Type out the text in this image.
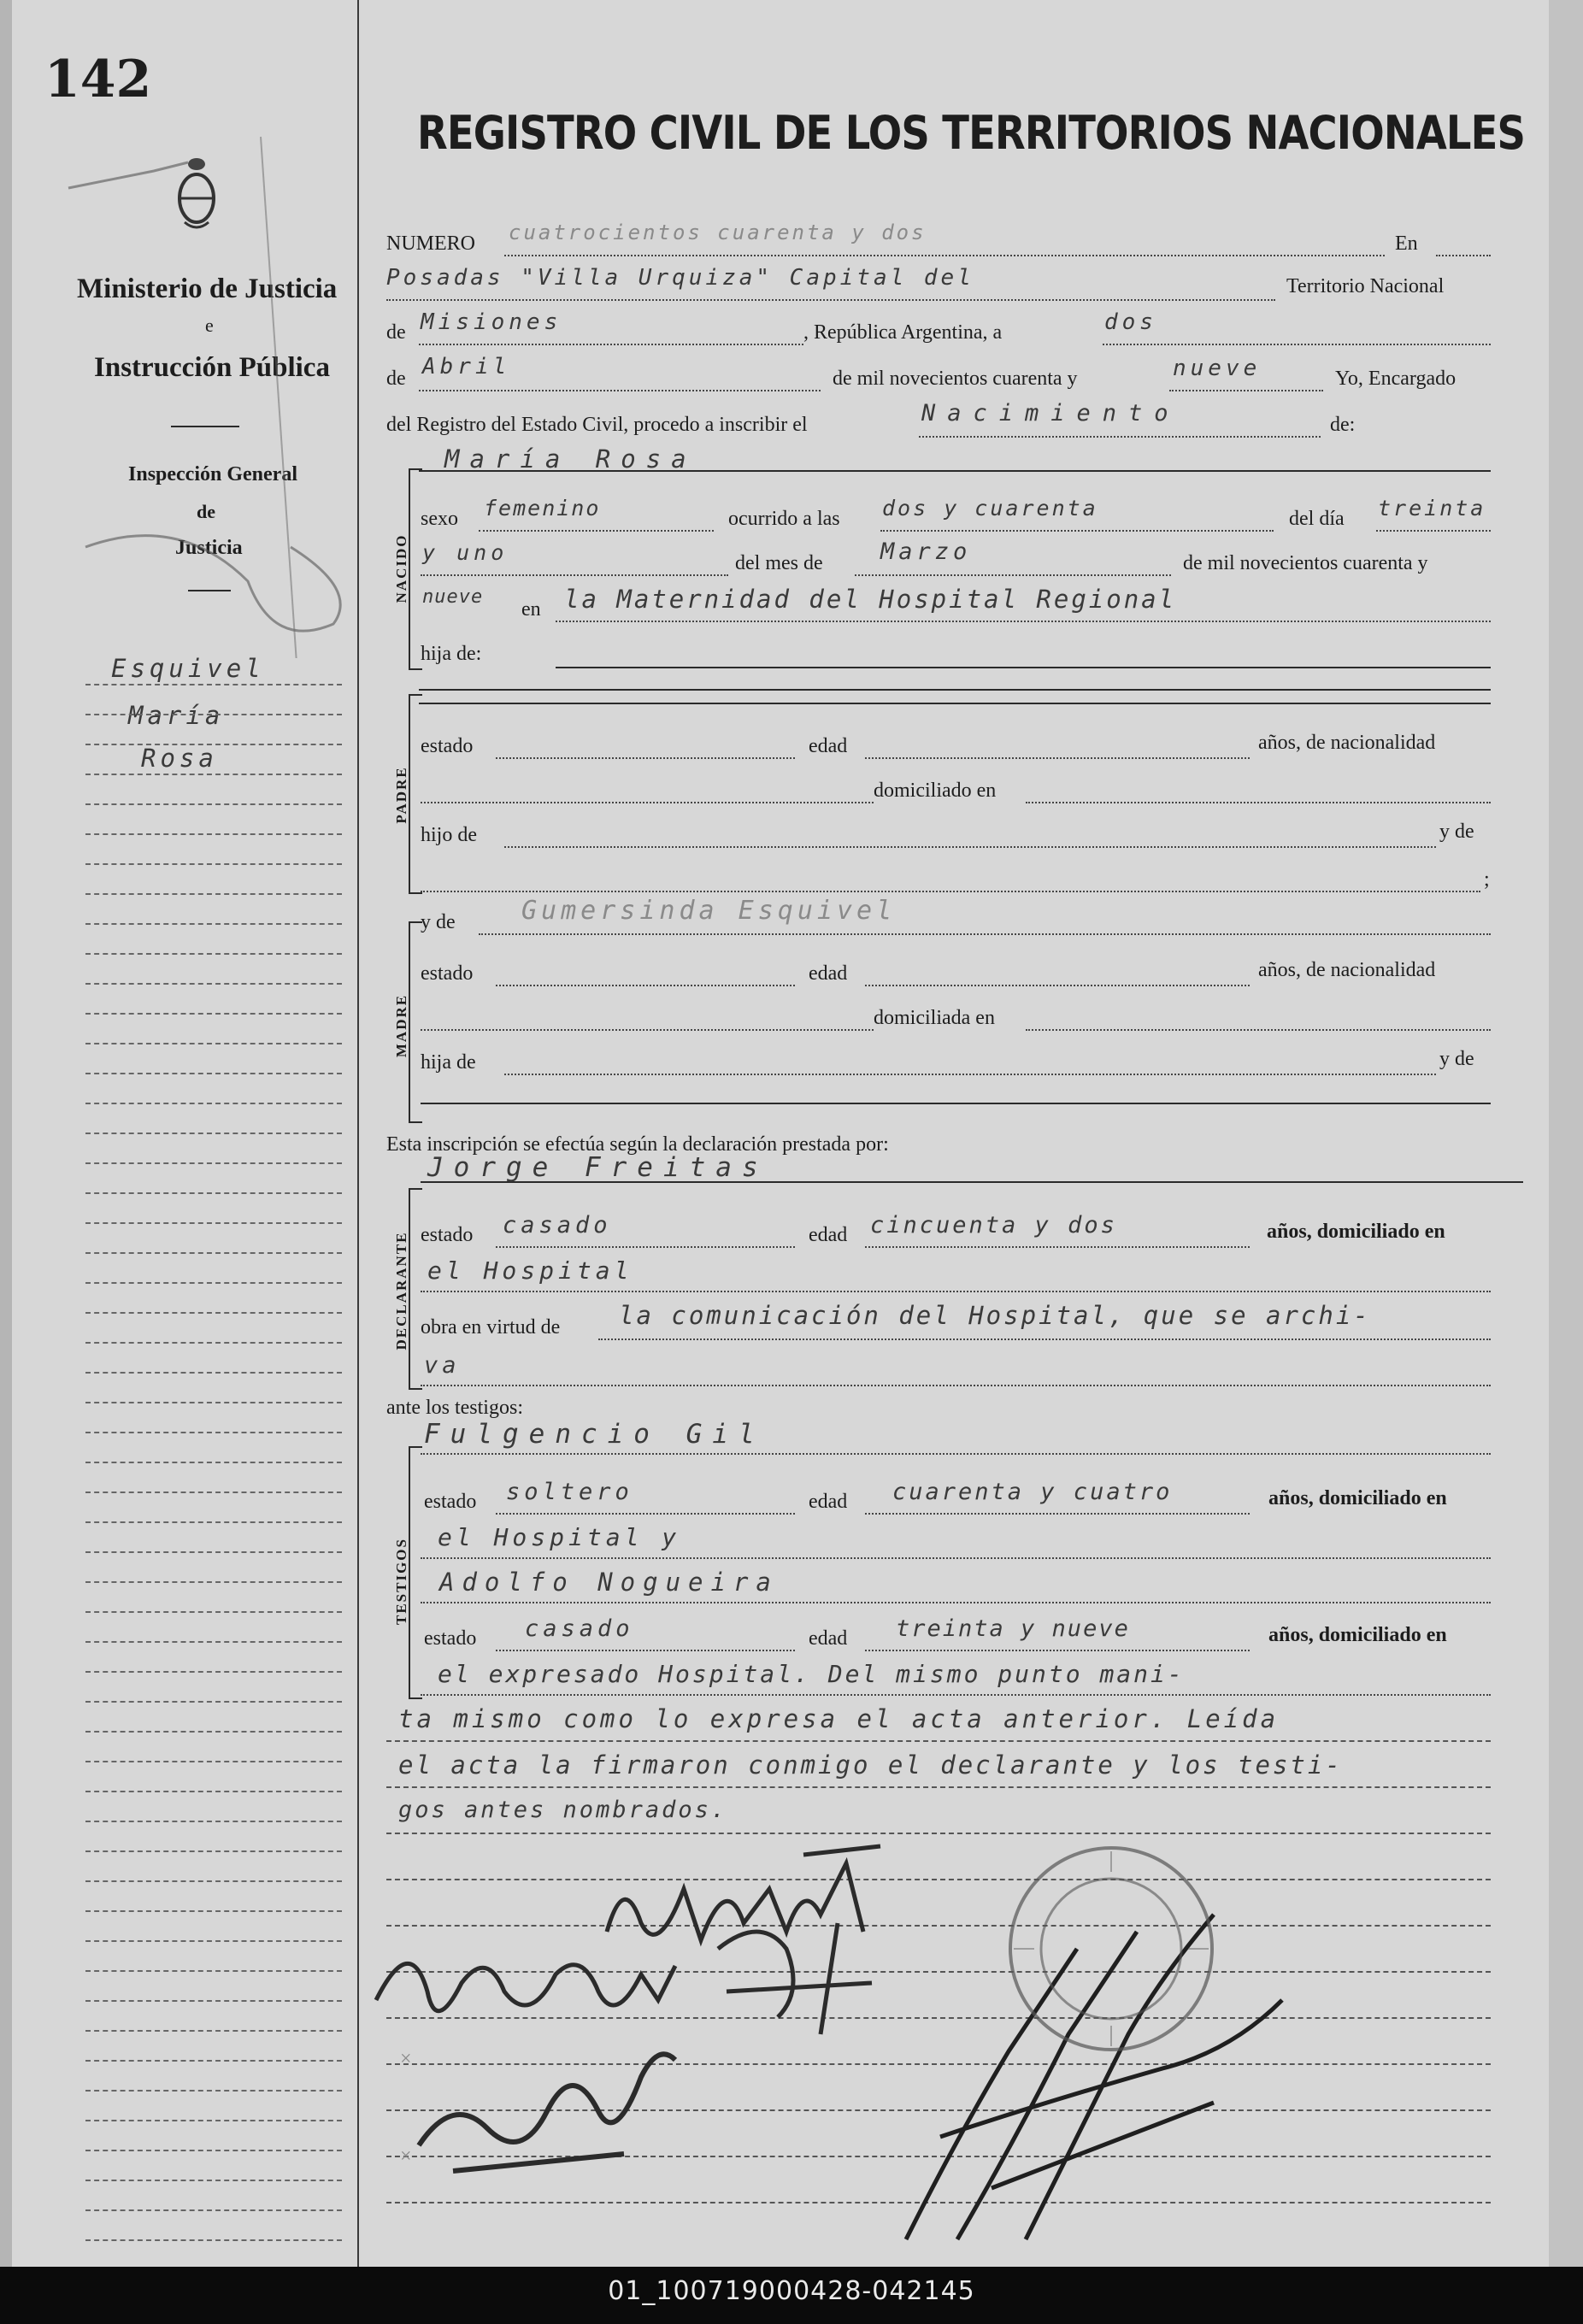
142
Ministerio de Justicia
e
Instrucción Pública
Inspección General
de
Justicia
Esquivel
María
Rosa
REGISTRO CIVIL DE LOS TERRITORIOS NACIONALES
NUMERO cuatrocientos cuarenta y dos	En
Posadas "Villa Urquiza" Capital del	Territorio Nacional
de Misiones	, República Argentina, a	dos
de Abril	de mil novecientos cuarenta y	nueve	Yo, Encargado
del Registro del Estado Civil, procedo a inscribir el	Nacimiento	de:
NACIDO
María Rosa
sexo femenino	ocurrido a las dos y cuarenta	del día treinta
y uno	del mes de Marzo	de mil novecientos cuarenta y
nueve
en la Maternidad del Hospital Regional
hija de:
PADRE
estado	edad	años, de nacionalidad
domiciliado en
hijo de	y de
;
MADRE
y de	Gumersinda Esquivel
estado	edad	años, de nacionalidad
domiciliada en
hija de	y de
Esta inscripción se efectúa según la declaración prestada por:
DECLARANTE
Jorge Freitas
estado casado	edad cincuenta y dos	años, domiciliado en
el Hospital
obra en virtud de la comunicación del Hospital, que se archi-
va
ante los testigos:
TESTIGOS
Fulgencio Gil
estado soltero	edad cuarenta y cuatro	años, domiciliado en
el Hospital y
Adolfo Nogueira
estado casado	edad treinta y nueve	años, domiciliado en
el expresado Hospital. Del mismo punto mani-
ta mismo como lo expresa el acta anterior. Leída
el acta la firmaron conmigo el declarante y los testi-
gos antes nombrados.
×
×
01_100719000428-042145
